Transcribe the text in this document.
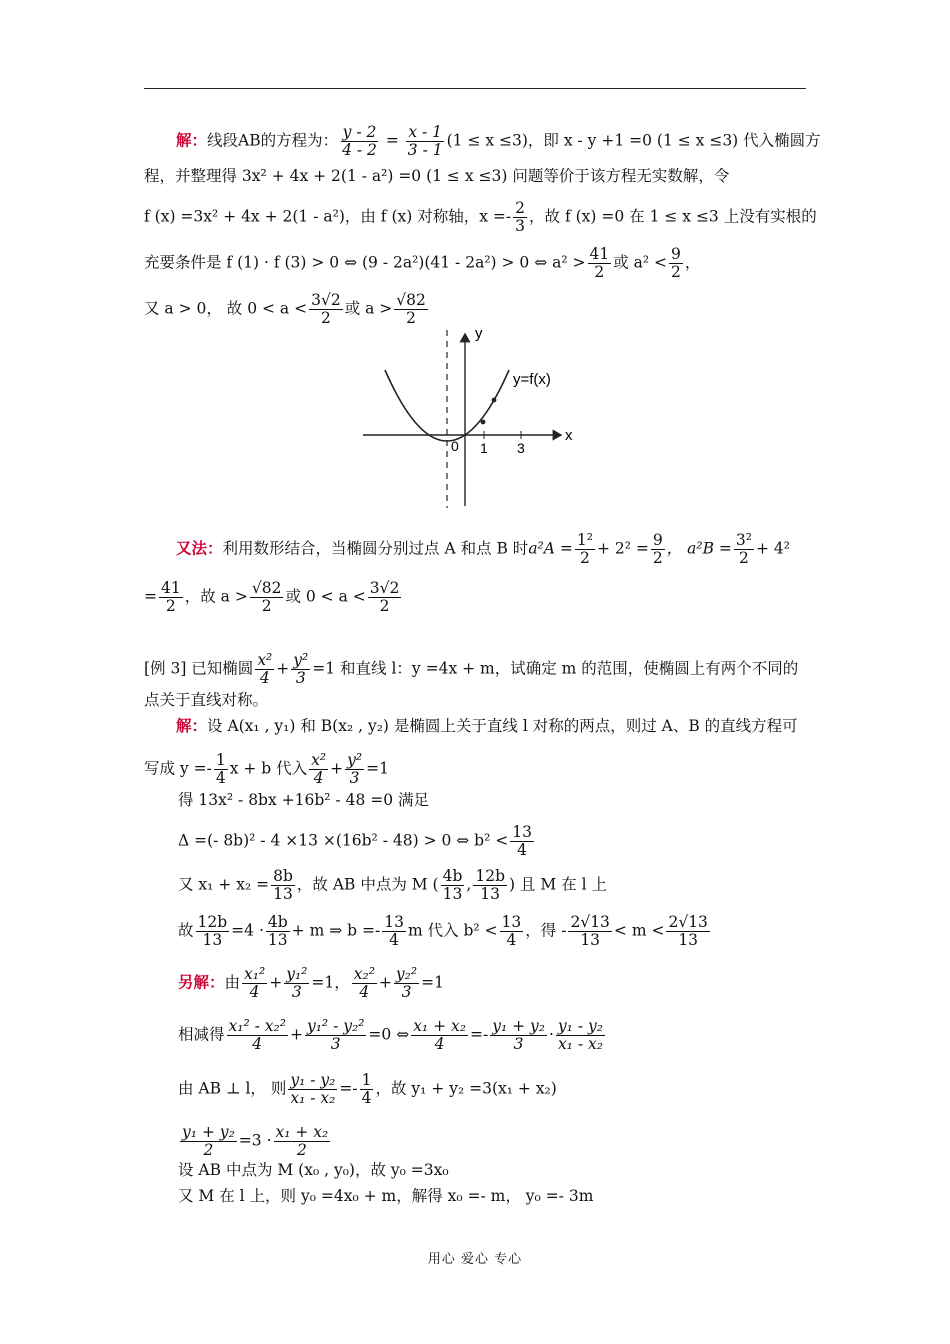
解：线段AB的方程为： $\frac{y - 2}{4 - 2} = \frac{x - 1}{3 - 1} (1 \le x \le 3)$，即 x - y +1 =0 (1 ≤ x ≤3) 代入椭圆方
程，并整理得 3x² + 4x + 2(1 - a²) =0 (1 ≤ x ≤3) 问题等价于该方程无实数解，令
f (x) =3x² + 4x + 2(1 - a²)，由 f (x) 对称轴，$x =- \frac{2}{3}$ ，故 f (x) =0 在 1 ≤ x ≤3 上没有实根的
充要条件是 f (1) · f (3) > 0 ⇔ (9 - 2a²)(41 - 2a²) > 0 ⇔ $a^2 > \frac{41}{2}$ 或 $a^2 < \frac{9}{2}$ ，
又 a > 0， 故 $0 < a < \frac{3√2}{2}$ 或 $a > \frac{√82}{2}$
y
x
y=f(x)
0 1 3
又法：利用数形结合，当椭圆分别过点 A 和点 B 时$a^2A = \frac{\text{1²}}{2} + 2^2 = \frac{9}{2}$ ， $a^2B = \frac{\text{3²}}{2} + 4^2$
= $\frac{41}{2}$ ，故 $a > \frac{√82}{2}$ 或 $0 < a < \frac{3√2}{2}$
[例 3] 已知椭圆 $\frac{\text{x²}}{4} + \frac{\text{y²}}{3} =1$ 和直线 l：y =4x + m，试确定 m 的范围，使椭圆上有两个不同的
点关于直线对称。
解：设 A(x₁ , y₁) 和 B(x₂ , y₂) 是椭圆上关于直线 l 对称的两点，则过 A、B 的直线方程可
写成 $y =- \frac{1}{4}$ x + b 代入 $\frac{\text{x²}}{4} + \frac{\text{y²}}{3} =1$
得 13x² - 8bx +16b² - 48 =0 满足
Δ =(- 8b)² - 4 ×13 ×(16b² - 48) > 0 ⇔ $b^2 < \frac{13}{4}$
又 $x_1 + x_2 = \frac{8b}{13}$ ，故 AB 中点为 M ( $\frac{4b}{13}$ , $\frac{12b}{13}$ ) 且 M 在 l 上
故 $\frac{12b}{13} =4 \cdot \frac{4b}{13} + m$ ⇒ $b =- \frac{13}{4}$ m 代入 $b^2 < \frac{13}{4}$ ，得 - $\frac{2√13}{13} < m < \frac{2√13}{13}$
另解：由 $\frac{\text{x₁²}}{4} + \frac{\text{y₁²}}{3} =1$， $\frac{\text{x₂²}}{4} + \frac{\text{y₂²}}{3} =1$
相减得 $\frac{\text{x₁² - x₂²}}{4} + \frac{\text{y₁² - y₂²}}{3} =0$ ⇔ $\frac{\text{x₁ + x₂}}{4} =- \frac{\text{y₁ + y₂}}{3} \cdot \frac{\text{y₁ - y₂}}{\text{x₁ - x₂}}$
由 AB ⊥ l， 则 $\frac{\text{y₁ - y₂}}{\text{x₁ - x₂}} =- \frac{1}{4}$ ，故 y₁ + y₂ =3(x₁ + x₂)
$\frac{\text{y₁ + y₂}}{2} =3 \cdot \frac{\text{x₁ + x₂}}{2}$
设 AB 中点为 M (x₀ , y₀)，故 y₀ =3x₀
又 M 在 l 上，则 y₀ =4x₀ + m，解得 x₀ =- m， y₀ =- 3m
用心 爱心 专心
